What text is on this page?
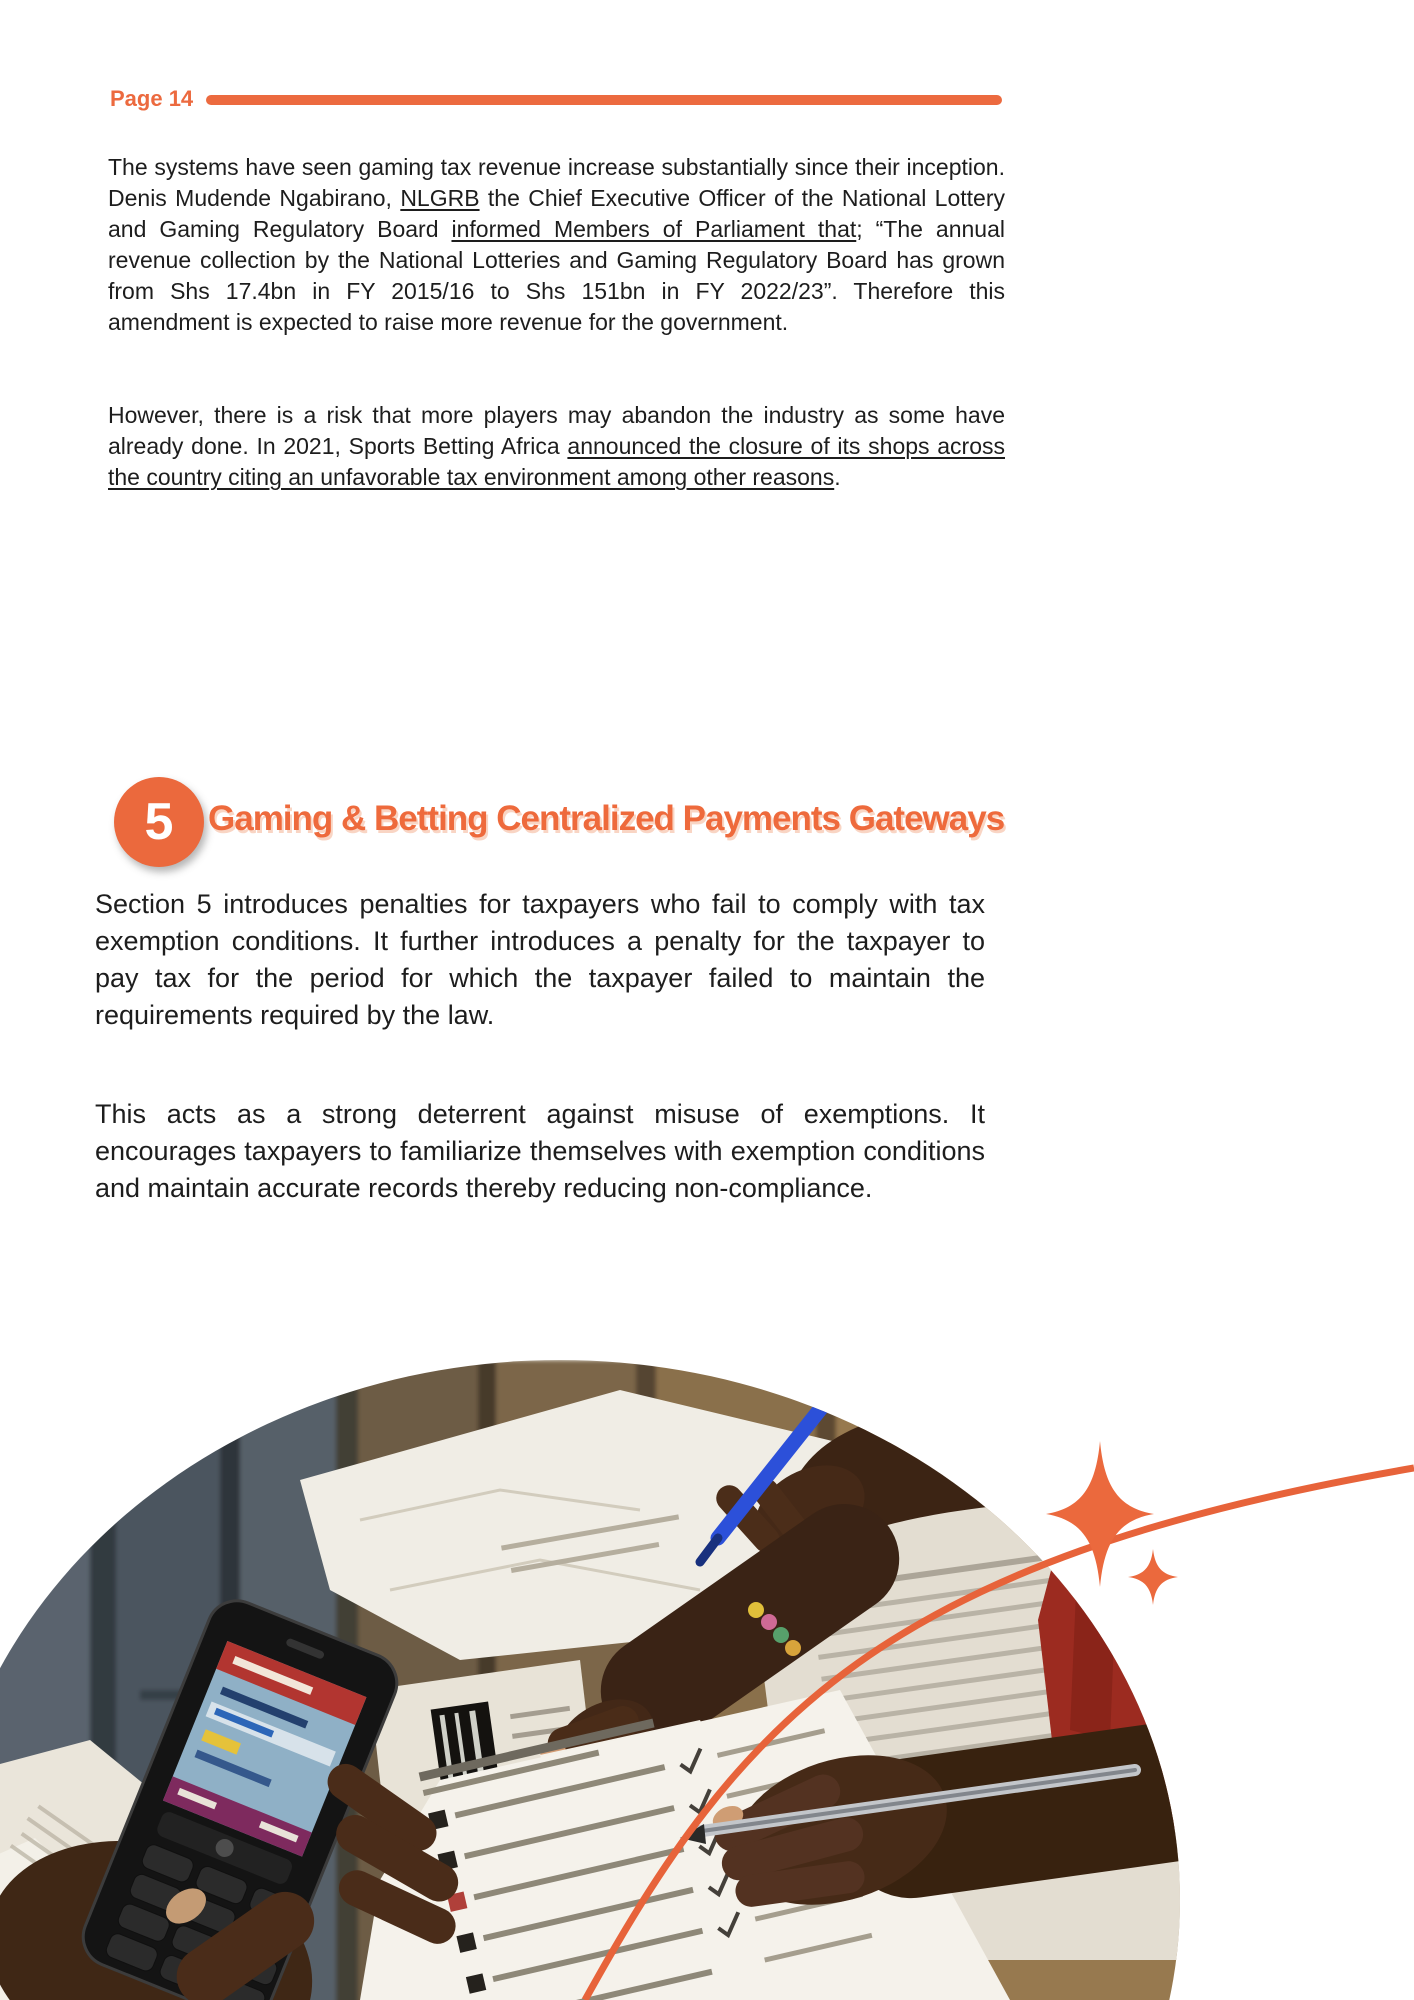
Page 14

The systems have seen gaming tax revenue increase substantially since their inception. Denis Mudende Ngabirano, NLGRB the Chief Executive Officer of the National Lottery and Gaming Regulatory Board informed Members of Parliament that; “The annual revenue collection by the National Lotteries and Gaming Regulatory Board has grown from Shs 17.4bn in FY 2015/16 to Shs 151bn in FY 2022/23”. Therefore this amendment is expected to raise more revenue for the government.

However, there is a risk that more players may abandon the industry as some have already done. In 2021, Sports Betting Africa announced the closure of its shops across the country citing an unfavorable tax environment among other reasons.

5 Gaming & Betting Centralized Payments Gateways

Section 5 introduces penalties for taxpayers who fail to comply with tax exemption conditions. It further introduces a penalty for the taxpayer to pay tax for the period for which the taxpayer failed to maintain the requirements required by the law.

This acts as a strong deterrent against misuse of exemptions. It encourages taxpayers to familiarize themselves with exemption conditions and maintain accurate records thereby reducing non-compliance.
